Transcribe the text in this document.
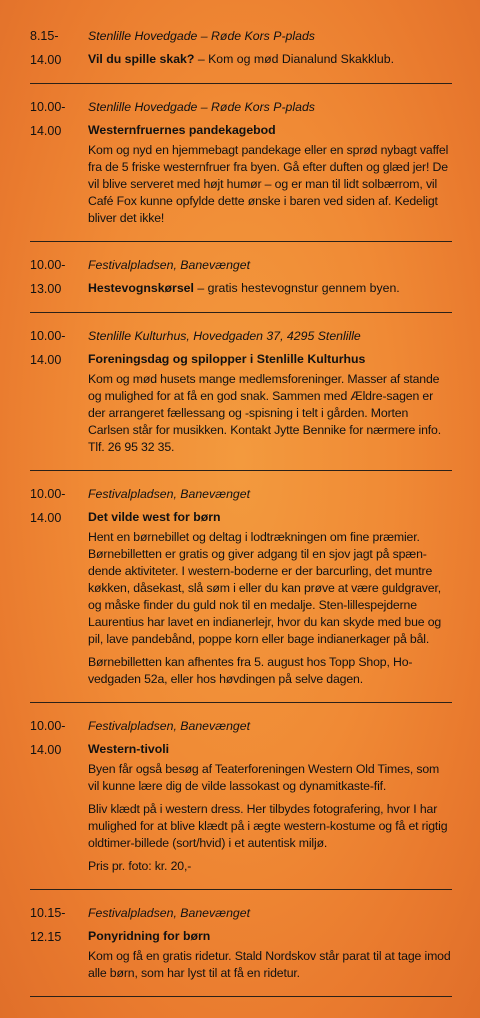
8.15-	Stenlille Hovedgade – Røde Kors P-plads
14.00	Vil du spille skak? – Kom og mød Dianalund Skakklub.
10.00-	Stenlille Hovedgade – Røde Kors P-plads
14.00	Westernfruernes pandekagebod
Kom og nyd en hjemmebagt pandekage eller en sprød nybagt vaffel fra de 5 friske westernfruer fra byen. Gå efter duften og glæd jer! De vil blive serveret med højt humør – og er man til lidt solbærrom, vil Café Fox kunne opfylde dette ønske i baren ved siden af. Kedeligt bliver det ikke!
10.00-	Festivalpladsen, Banevænget
13.00	Hestevognskørsel – gratis hestevognstur gennem byen.
10.00-	Stenlille Kulturhus, Hovedgaden 37, 4295 Stenlille
14.00	Foreningsdag og spilopper i Stenlille Kulturhus
Kom og mød husets mange medlemsforeninger. Masser af stande og mulighed for at få en god snak. Sammen med Ældre-sagen er der arrangeret fællessang og -spisning i telt i gården. Morten Carlsen står for musikken. Kontakt Jytte Bennike for nærmere info. Tlf. 26 95 32 35.
10.00-	Festivalpladsen, Banevænget
14.00	Det vilde west for børn
Hent en børnebillet og deltag i lodtrækningen om fine præmier. Børnebilletten er gratis og giver adgang til en sjov jagt på spæn-dende aktiviteter. I western-boderne er der barcurling, det muntre køkken, dåsekast, slå søm i eller du kan prøve at være guldgraver, og måske finder du guld nok til en medalje. Sten-lillespejderne Laurentius har lavet en indianerlejr, hvor du kan skyde med bue og pil, lave pandebånd, poppe korn eller bage indianerkager på bål.
Børnebilletten kan afhentes fra 5. august hos Topp Shop, Ho-vedgaden 52a, eller hos høvdingen på selve dagen.
10.00-	Festivalpladsen, Banevænget
14.00	Western-tivoli
Byen får også besøg af Teaterforeningen Western Old Times, som vil kunne lære dig de vilde lassokast og dynamitkaste-fif.
Bliv klædt på i western dress. Her tilbydes fotografering, hvor I har mulighed for at blive klædt på i ægte western-kostume og få et rigtig oldtimer-billede (sort/hvid) i et autentisk miljø.
Pris pr. foto: kr. 20,-
10.15-	Festivalpladsen, Banevænget
12.15	Ponyridning for børn
Kom og få en gratis ridetur. Stald Nordskov står parat til at tage imod alle børn, som har lyst til at få en ridetur.
